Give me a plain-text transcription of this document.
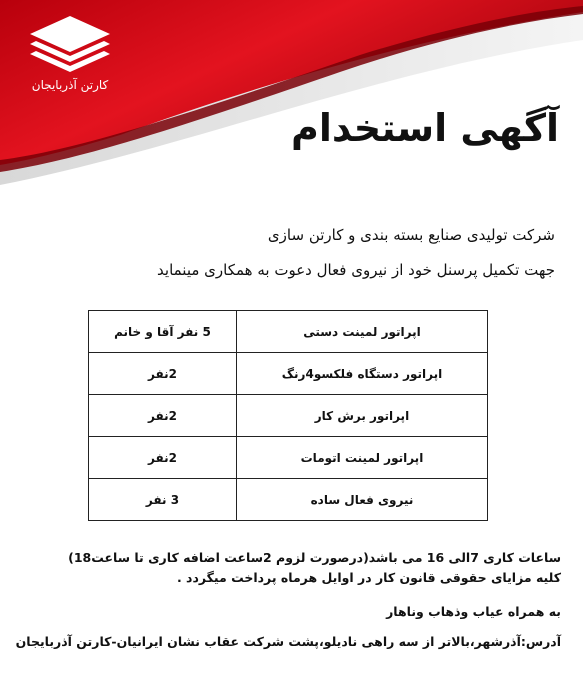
کارتن آذربایجان
آگهی استخدام
شرکت تولیدی صنایع بسته بندی و کارتن سازی
جهت تکمیل پرسنل خود از نیروی فعال دعوت به همکاری مینماید
اپراتور لمینت دستی	5 نفر آقا و خانم
اپراتور دستگاه فلکسو4رنگ	2نفر
اپراتور برش کار	2نفر
اپراتور لمینت اتومات	2نفر
نیروی فعال ساده	3 نفر
ساعات کاری 7الی 16 می باشد(درصورت لزوم 2ساعت اضافه کاری تا ساعت18)
کلیه مزایای حقوقی قانون کار در اوایل هرماه پرداخت میگردد .
به همراه عیاب وذهاب وناهار
آدرس:آذرشهر،بالاتر از سه راهی نادیلو،پشت شرکت عقاب نشان ایرانیان-کارتن آذربایجان
